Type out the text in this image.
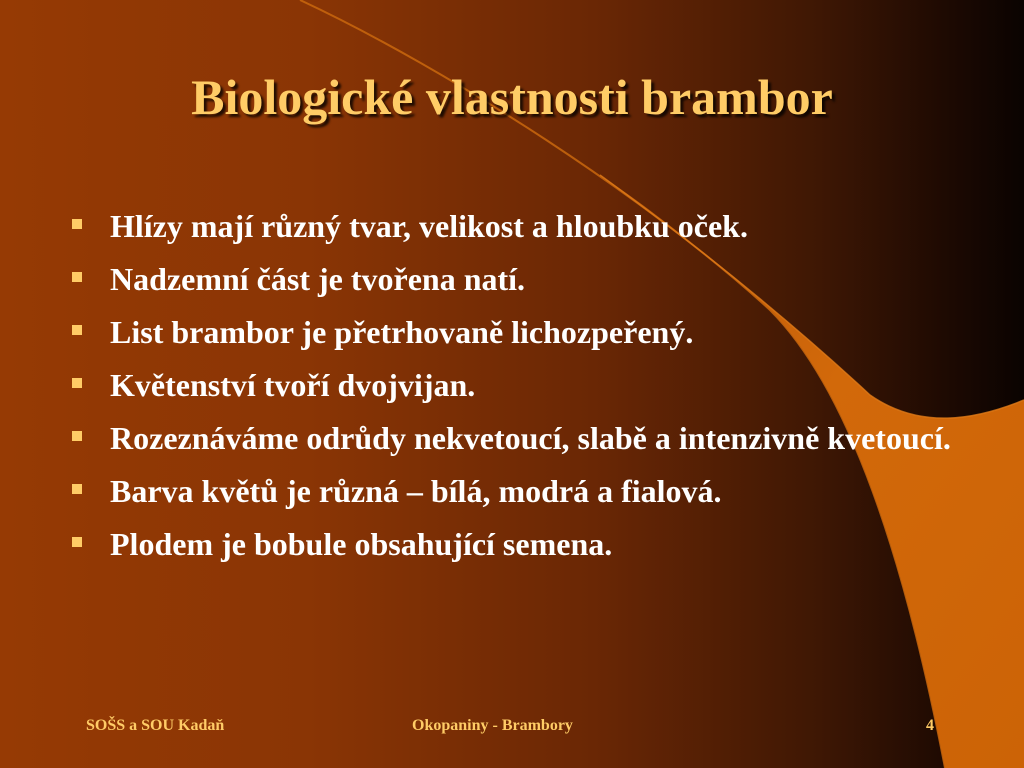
Biologické vlastnosti brambor
Hlízy mají různý tvar, velikost a hloubku oček.
Nadzemní část je tvořena natí.
List brambor je přetrhovaně lichozpeřený.
Květenství tvoří dvojvijan.
Rozeznáváme odrůdy nekvetoucí, slabě a intenzivně kvetoucí.
Barva květů je různá – bílá, modrá a fialová.
Plodem je bobule obsahující semena.
SOŠS a SOU Kadaň	Okopaniny - Brambory	4
